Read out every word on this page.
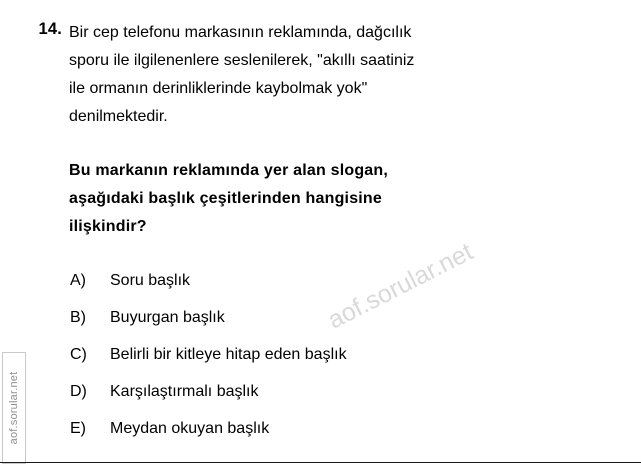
aof.sorular.net
aof.sorular.net
14. Bir cep telefonu markasının reklamında, dağcılık
sporu ile ilgilenenlere seslenilerek, "akıllı saatiniz
ile ormanın derinliklerinde kaybolmak yok"
denilmektedir.
Bu markanın reklamında yer alan slogan,
aşağıdaki başlık çeşitlerinden hangisine
ilişkindir?
A)	Soru başlık
B)	Buyurgan başlık
C)	Belirli bir kitleye hitap eden başlık
D)	Karşılaştırmalı başlık
E)	Meydan okuyan başlık
